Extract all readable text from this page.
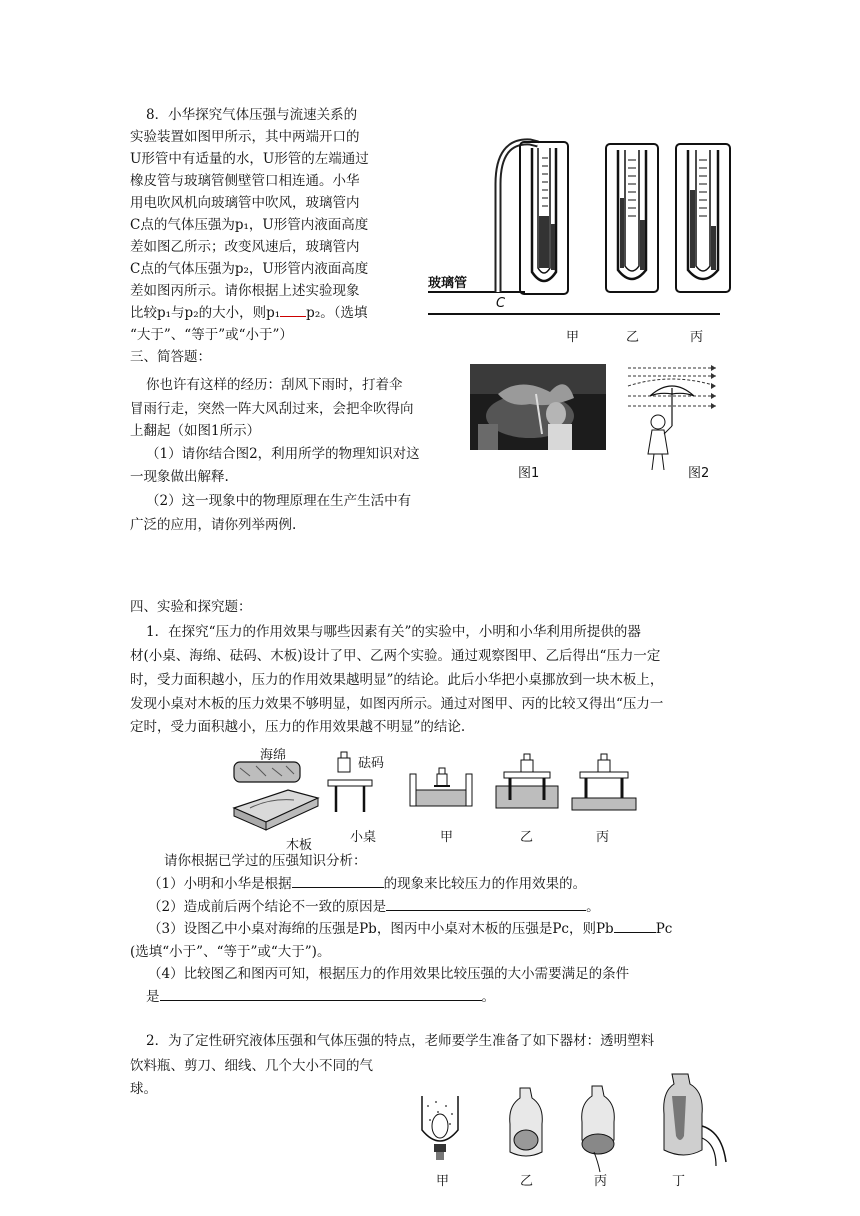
8．小华探究气体压强与流速关系的
实验装置如图甲所示，其中两端开口的
U形管中有适量的水，U形管的左端通过
橡皮管与玻璃管侧壁管口相连通。小华
用电吹风机向玻璃管中吹风，玻璃管内
C点的气体压强为p₁，U形管内液面高度
差如图乙所示；改变风速后，玻璃管内
C点的气体压强为p₂，U形管内液面高度
差如图丙所示。请你根据上述实验现象
比较p₁与p₂的大小，则p₁ p₂。（选填
“大于”、“等于”或“小于”）
玻璃管
C
甲	乙	丙
三、简答题：
你也许有这样的经历：刮风下雨时，打着伞
冒雨行走，突然一阵大风刮过来，会把伞吹得向
上翻起（如图1所示）
（1）请你结合图2，利用所学的物理知识对这
一现象做出解释.
（2）这一现象中的物理原理在生产生活中有
广泛的应用，请你列举两例.
图1	图2
四、实验和探究题：
1．在探究“压力的作用效果与哪些因素有关”的实验中，小明和小华利用所提供的器
材(小桌、海绵、砝码、木板)设计了甲、乙两个实验。通过观察图甲、乙后得出“压力一定
时，受力面积越小，压力的作用效果越明显”的结论。此后小华把小桌挪放到一块木板上，
发现小桌对木板的压力效果不够明显，如图丙所示。通过对图甲、丙的比较又得出“压力一
定时，受力面积越小，压力的作用效果越不明显”的结论.
海绵
砝码
木板
小桌	甲	乙	丙
请你根据已学过的压强知识分析：
（1）小明和小华是根据	的现象来比较压力的作用效果的。
（2）造成前后两个结论不一致的原因是	。
（3）设图乙中小桌对海绵的压强是Pb，图丙中小桌对木板的压强是Pc，则Pb	Pc
(选填“小于”、“等于”或“大于”)。
（4）比较图乙和图丙可知，根据压力的作用效果比较压强的大小需要满足的条件
是	。
2．为了定性研究液体压强和气体压强的特点，老师要学生准备了如下器材：透明塑料
饮料瓶、剪刀、细线、几个大小不同的气
球。
甲	乙	丙	丁
